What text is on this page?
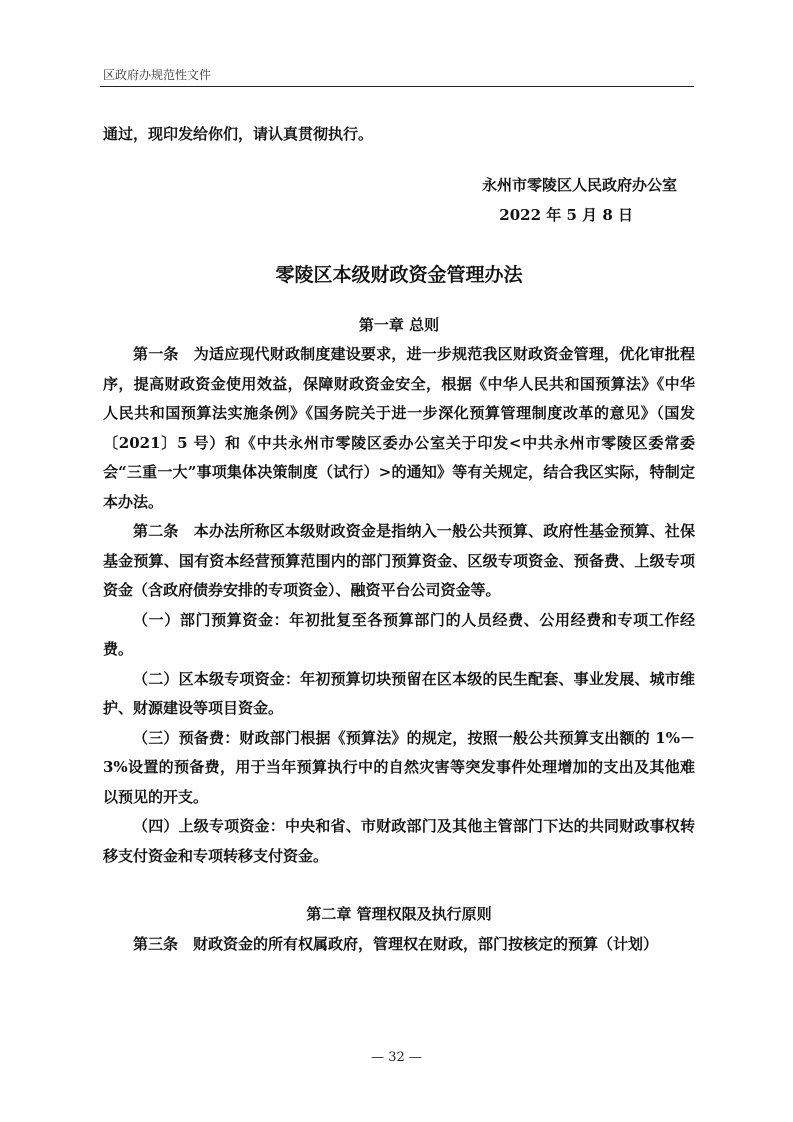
区政府办规范性文件

通过，现印发给你们，请认真贯彻执行。

永州市零陵区人民政府办公室
2022 年 5 月 8 日
零陵区本级财政资金管理办法
第一章 总则

第一条　为适应现代财政制度建设要求，进一步规范我区财政资金管理，优化审批程序，提高财政资金使用效益，保障财政资金安全，根据《中华人民共和国预算法》《中华人民共和国预算法实施条例》《国务院关于进一步深化预算管理制度改革的意见》（国发〔2021〕5 号）和《中共永州市零陵区委办公室关于印发<中共永州市零陵区委常委会“三重一大”事项集体决策制度（试行）>的通知》等有关规定，结合我区实际，特制定本办法。

第二条　本办法所称区本级财政资金是指纳入一般公共预算、政府性基金预算、社保基金预算、国有资本经营预算范围内的部门预算资金、区级专项资金、预备费、上级专项资金（含政府债券安排的专项资金）、融资平台公司资金等。

（一）部门预算资金：年初批复至各预算部门的人员经费、公用经费和专项工作经费。

（二）区本级专项资金：年初预算切块预留在区本级的民生配套、事业发展、城市维护、财源建设等项目资金。

（三）预备费：财政部门根据《预算法》的规定，按照一般公共预算支出额的 1%－3%设置的预备费，用于当年预算执行中的自然灾害等突发事件处理增加的支出及其他难以预见的开支。

（四）上级专项资金：中央和省、市财政部门及其他主管部门下达的共同财政事权转移支付资金和专项转移支付资金。

第二章 管理权限及执行原则

第三条　财政资金的所有权属政府，管理权在财政，部门按核定的预算（计划）

— 32 —
